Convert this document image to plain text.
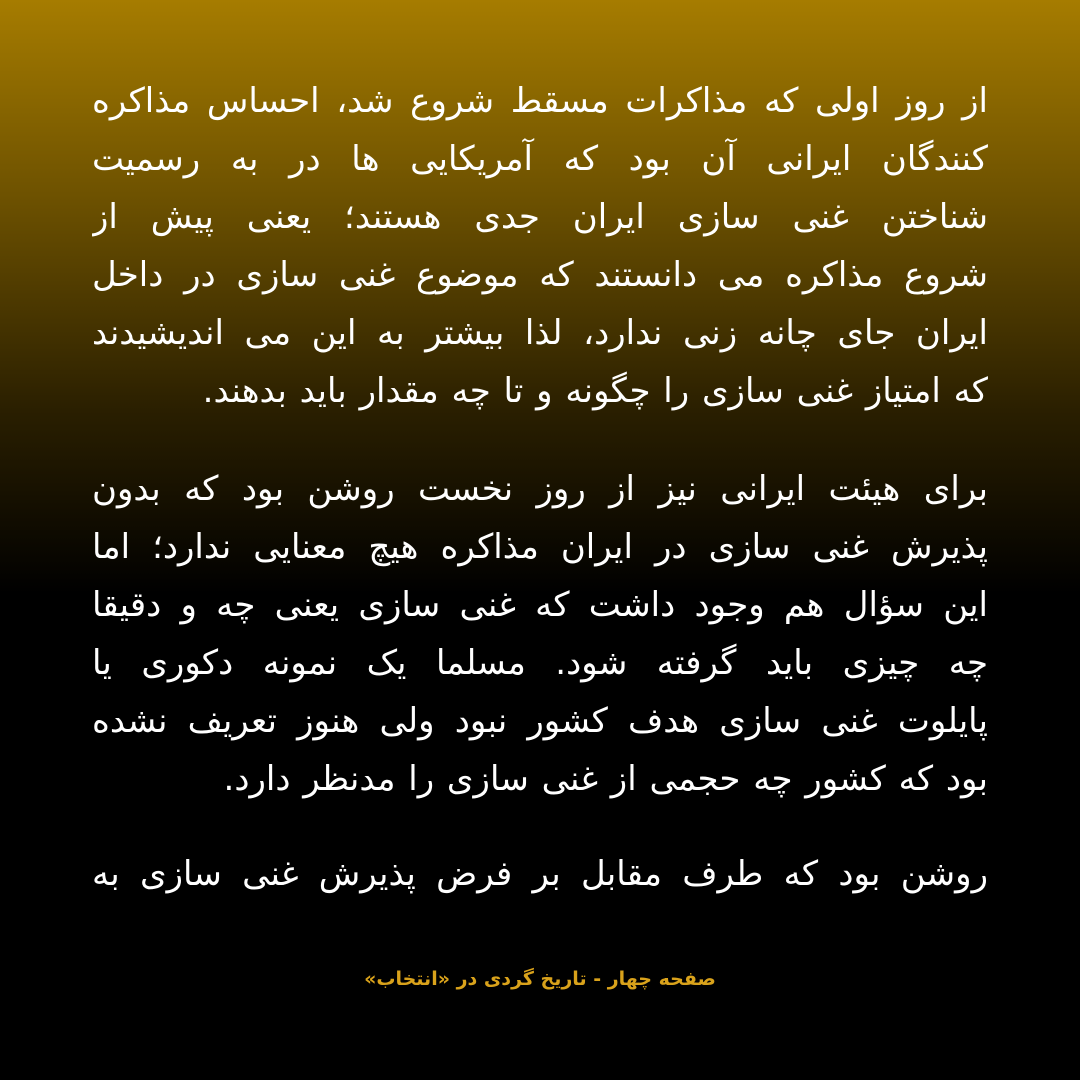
از روز اولی که مذاکرات مسقط شروع شد، احساس مذاکره
کنندگان ایرانی آن بود که آمریکایی ها در به رسمیت
شناختن غنی سازی ایران جدی هستند؛ یعنی پیش از
شروع مذاکره می دانستند که موضوع غنی سازی در داخل
ایران جای چانه زنی ندارد، لذا بیشتر به این می اندیشیدند
که امتیاز غنی سازی را چگونه و تا چه مقدار باید بدهند.
برای هیئت ایرانی نیز از روز نخست روشن بود که بدون
پذیرش غنی سازی در ایران مذاکره هیچ معنایی ندارد؛ اما
این سؤال هم وجود داشت که غنی سازی یعنی چه و دقیقا
چه چیزی باید گرفته شود. مسلما یک نمونه دکوری یا
پایلوت غنی سازی هدف کشور نبود ولی هنوز تعریف نشده
بود که کشور چه حجمی از غنی سازی را مدنظر دارد.
روشن بود که طرف مقابل بر فرض پذیرش غنی سازی به
صفحه چهار - تاریخ گردی در «انتخاب»
